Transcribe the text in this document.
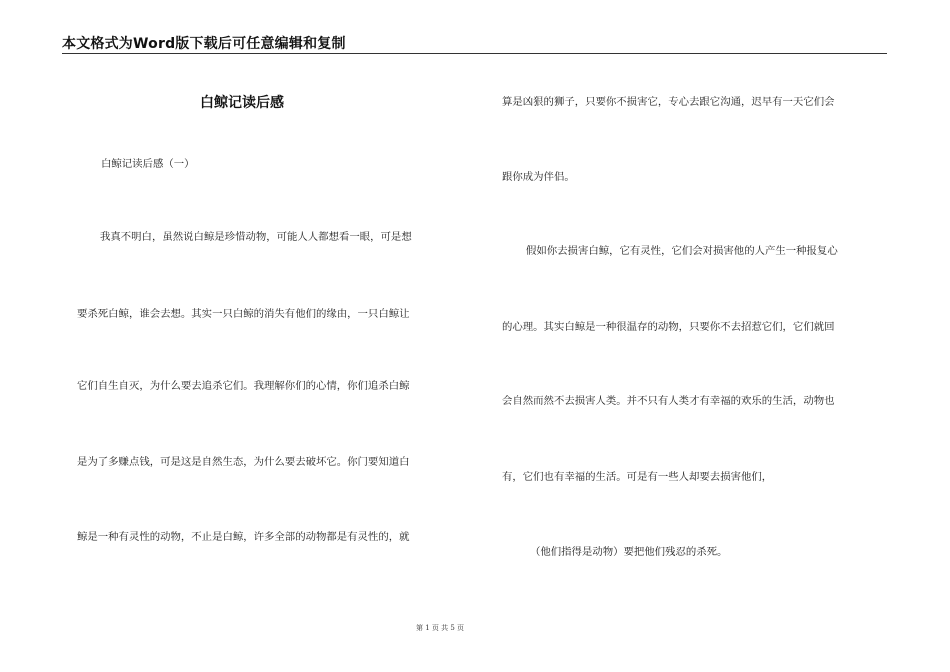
本文格式为Word版下载后可任意编辑和复制
白鲸记读后感
白鲸记读后感（一）
我真不明白，虽然说白鲸是珍惜动物，可能人人都想看一眼，可是想
要杀死白鲸，谁会去想。其实一只白鲸的消失有他们的缘由，一只白鲸让
它们自生自灭，为什么要去追杀它们。我理解你们的心情，你们追杀白鲸
是为了多赚点钱，可是这是自然生态，为什么要去破坏它。你门要知道白
鲸是一种有灵性的动物，不止是白鲸，许多全部的动物都是有灵性的，就
算是凶狠的狮子，只要你不损害它，专心去跟它沟通，迟早有一天它们会
跟你成为伴侣。
假如你去损害白鲸，它有灵性，它们会对损害他的人产生一种报复心
的心理。其实白鲸是一种很温存的动物，只要你不去招惹它们，它们就回
会自然而然不去损害人类。并不只有人类才有幸福的欢乐的生活，动物也
有，它们也有幸福的生活。可是有一些人却要去损害他们，
（他们指得是动物）要把他们残忍的杀死。
第 1 页 共 5 页
